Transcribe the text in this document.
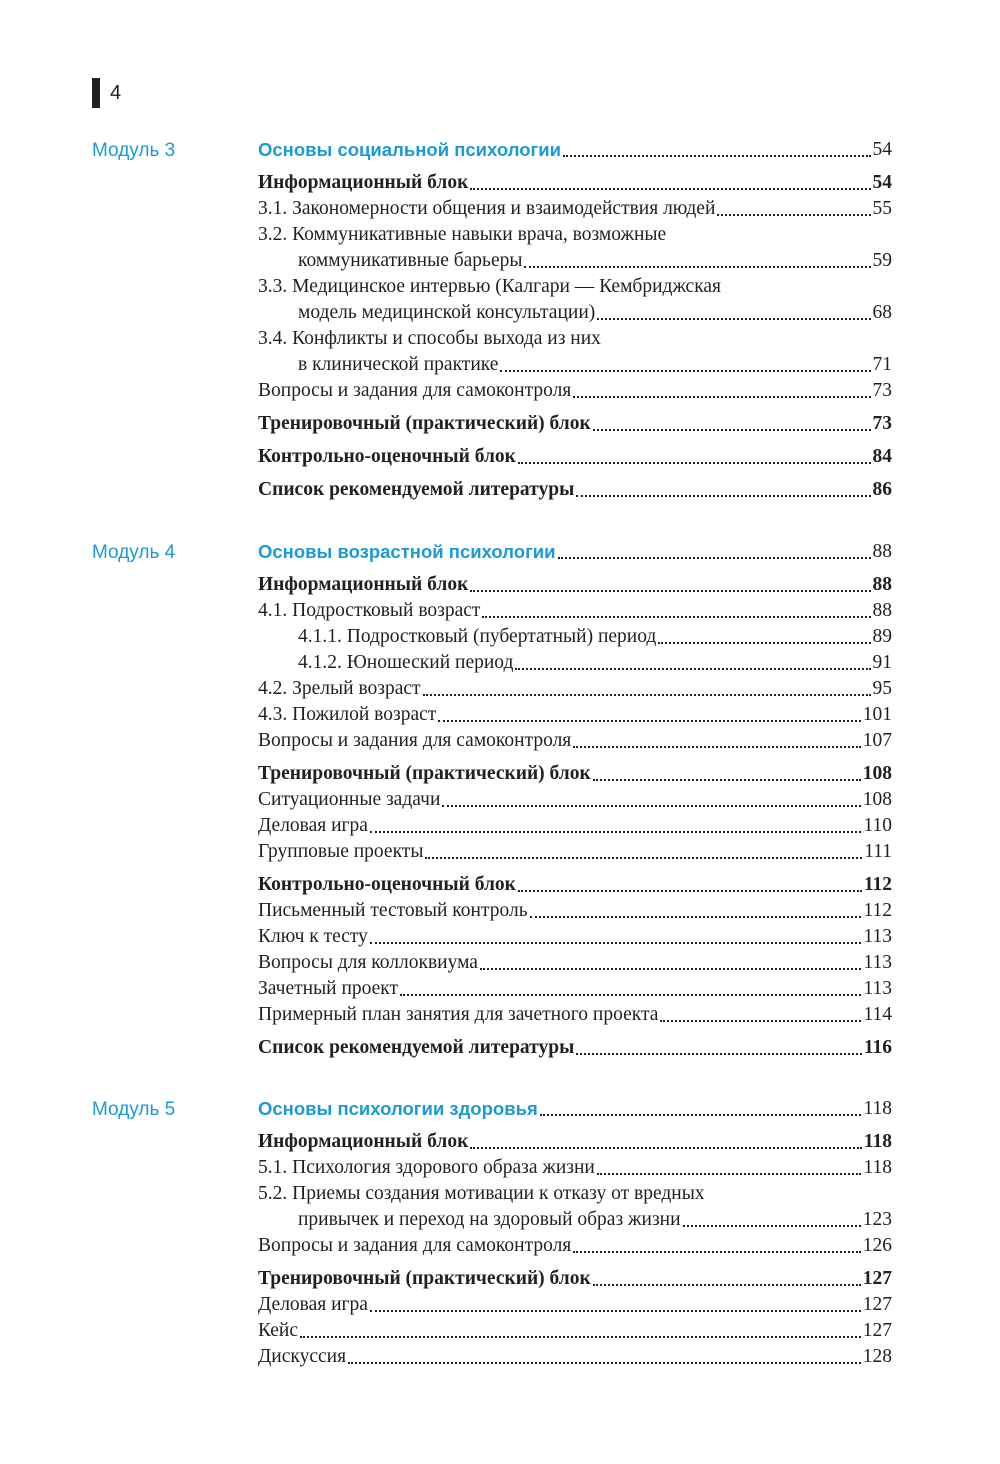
4
Модуль 3	Основы социальной психологии	54
Информационный блок	54
3.1. Закономерности общения и взаимодействия людей	55
3.2. Коммуникативные навыки врача, возможные
коммуникативные барьеры	59
3.3. Медицинское интервью (Калгари — Кембриджская
модель медицинской консультации)	68
3.4. Конфликты и способы выхода из них
в клинической практике	71
Вопросы и задания для самоконтроля	73
Тренировочный (практический) блок	73
Контрольно-оценочный блок	84
Список рекомендуемой литературы	86
Модуль 4	Основы возрастной психологии	88
Информационный блок	88
4.1. Подростковый возраст	88
4.1.1. Подростковый (пубертатный) период	89
4.1.2. Юношеский период	91
4.2. Зрелый возраст	95
4.3. Пожилой возраст	101
Вопросы и задания для самоконтроля	107
Тренировочный (практический) блок	108
Ситуационные задачи	108
Деловая игра	110
Групповые проекты	111
Контрольно-оценочный блок	112
Письменный тестовый контроль	112
Ключ к тесту	113
Вопросы для коллоквиума	113
Зачетный проект	113
Примерный план занятия для зачетного проекта	114
Список рекомендуемой литературы	116
Модуль 5	Основы психологии здоровья	118
Информационный блок	118
5.1. Психология здорового образа жизни	118
5.2. Приемы создания мотивации к отказу от вредных
привычек и переход на здоровый образ жизни	123
Вопросы и задания для самоконтроля	126
Тренировочный (практический) блок	127
Деловая игра	127
Кейс	127
Дискуссия	128
